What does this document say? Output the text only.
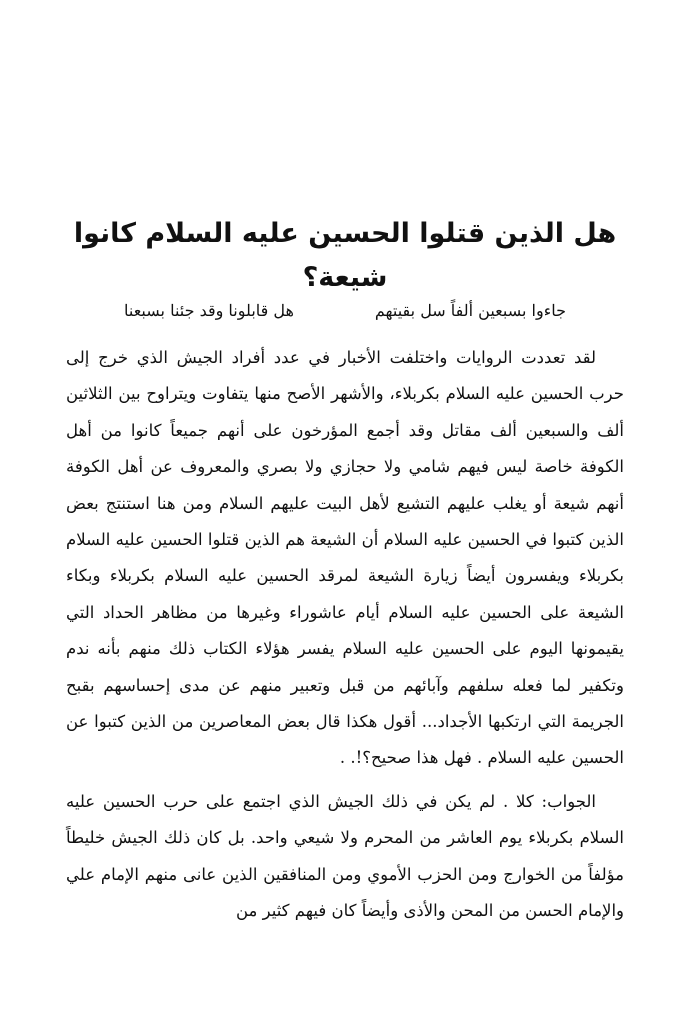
هل الذين قتلوا الحسين عليه السلام كانوا شيعة؟
جاءوا بسبعين ألفاً سل بقيتهم
هل قابلونا وقد جئنا بسبعنا

لقد تعددت الروايات واختلفت الأخبار في عدد أفراد الجيش الذي خرج إلى حرب الحسين عليه السلام بكربلاء، والأشهر الأصح منها يتفاوت ويتراوح بين الثلاثين ألف والسبعين ألف مقاتل وقد أجمع المؤرخون على أنهم جميعاً كانوا من أهل الكوفة خاصة ليس فيهم شامي ولا حجازي ولا بصري والمعروف عن أهل الكوفة أنهم شيعة أو يغلب عليهم التشيع لأهل البيت عليهم السلام ومن هنا استنتج بعض الذين كتبوا في الحسين عليه السلام أن الشيعة هم الذين قتلوا الحسين عليه السلام بكربلاء ويفسرون أيضاً زيارة الشيعة لمرقد الحسين عليه السلام بكربلاء وبكاء الشيعة على الحسين عليه السلام أيام عاشوراء وغيرها من مظاهر الحداد التي يقيمونها اليوم على الحسين عليه السلام يفسر هؤلاء الكتاب ذلك منهم بأنه ندم وتكفير لما فعله سلفهم وآبائهم من قبل وتعبير منهم عن مدى إحساسهم بقبح الجريمة التي ارتكبها الأجداد... أقول هكذا قال بعض المعاصرين من الذين كتبوا عن الحسين عليه السلام . فهل هذا صحيح؟!. .

الجواب: كلا . لم يكن في ذلك الجيش الذي اجتمع على حرب الحسين عليه السلام بكربلاء يوم العاشر من المحرم ولا شيعي واحد. بل كان ذلك الجيش خليطاً مؤلفاً من الخوارج ومن الحزب الأموي ومن المنافقين الذين عانى منهم الإمام علي والإمام الحسن من المحن والأذى وأيضاً كان فيهم كثير من
